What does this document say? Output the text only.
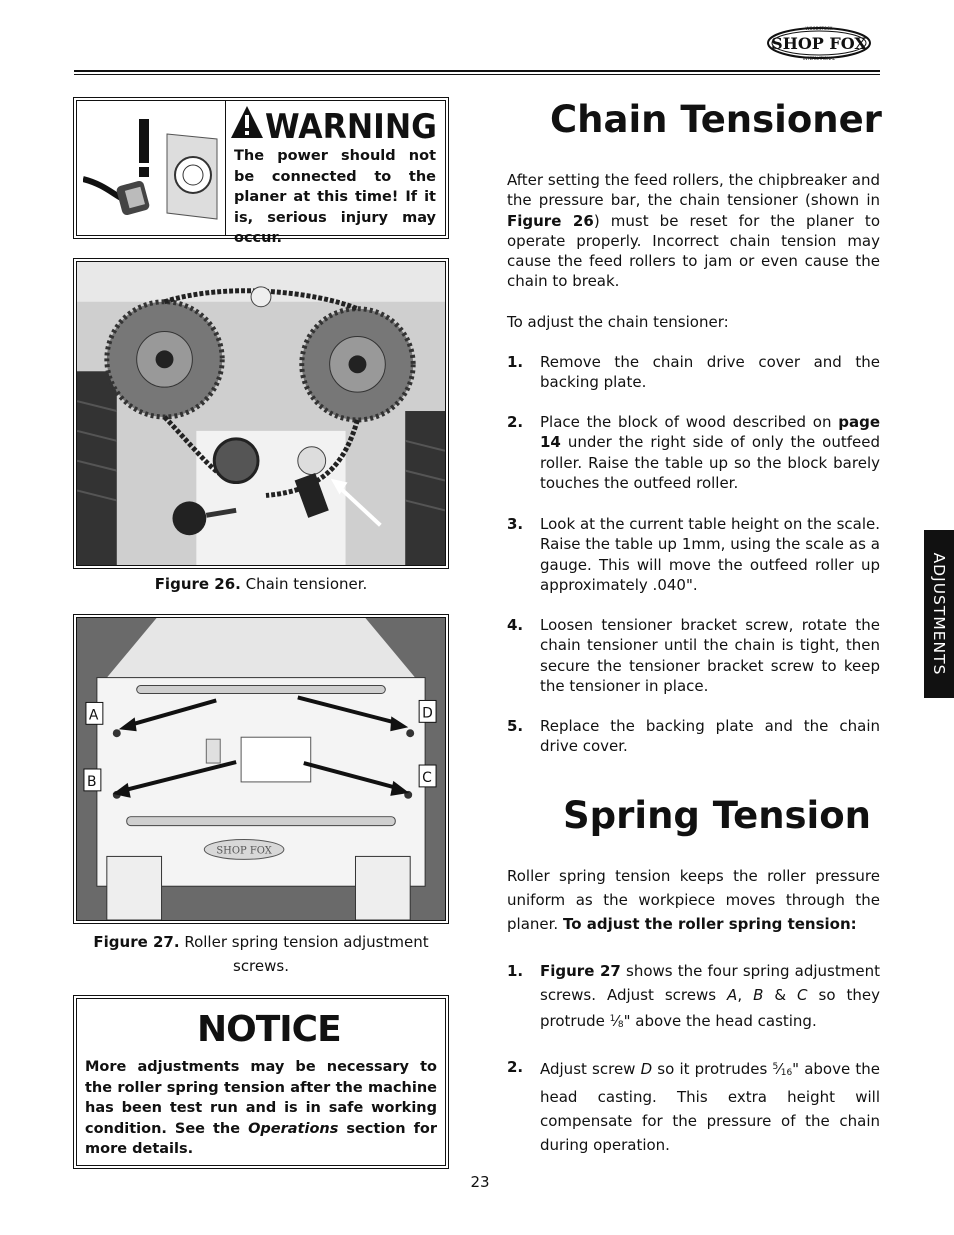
SHOP FOX
WOODSTOCK
INTERNATIONAL
WARNING
The power should not be connected to the planer at this time! If it is, serious injury may occur.
Figure 26. Chain tensioner.
SHOP FOX
A
B	C
D
Figure 27. Roller spring tension adjustment screws.
NOTICE
More adjustments may be necessary to the roller spring tension after the machine has been test run and is in safe working condition. See the Operations section for more details.
Chain Tensioner
After setting the feed rollers, the chipbreaker and the pressure bar, the chain tensioner (shown in Figure 26) must be reset for the planer to operate properly. Incorrect chain tension may cause the feed rollers to jam or even cause the chain to break.
To adjust the chain tensioner:
1. Remove the chain drive cover and the backing plate.
2. Place the block of wood described on page 14 under the right side of only the outfeed roller. Raise the table up so the block barely touches the outfeed roller.
3. Look at the current table height on the scale. Raise the table up 1mm, using the scale as a gauge. This will move the outfeed roller up approximately .040".
4. Loosen tensioner bracket screw, rotate the chain tensioner until the chain is tight, then secure the tensioner bracket screw to keep the tensioner in place.
5. Replace the backing plate and the chain drive cover.
Spring Tension
Roller spring tension keeps the roller pressure uniform as the workpiece moves through the planer. To adjust the roller spring tension:
1. Figure 27 shows the four spring adjustment screws. Adjust screws A, B & C so they protrude $^1⁄_8$" above the head casting.
2. Adjust screw D so it protrudes $^5⁄_{16}$" above the head casting. This extra height will compensate for the pressure of the chain during operation.
ADJUSTMENTS
23
